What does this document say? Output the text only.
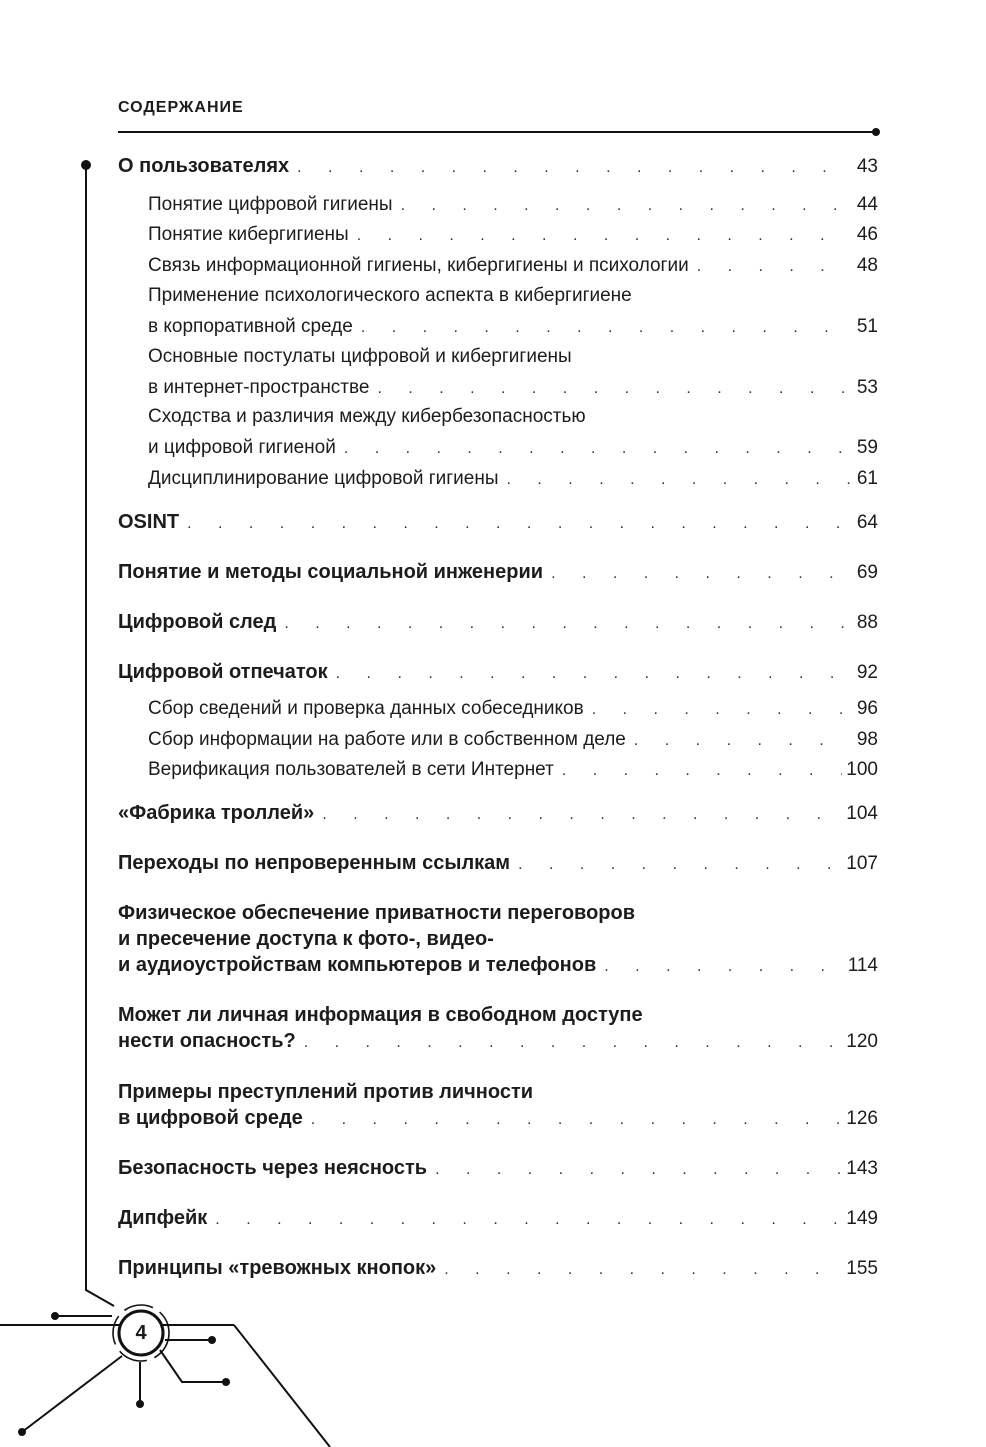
СОДЕРЖАНИЕ
4
О пользователях . . .	43
Понятие цифровой гигиены . . .	44
Понятие кибергигиены . . .	46
Связь информационной гигиены, кибергигиены и психологии . . .	48
Применение психологического аспекта в кибергигиене
в корпоративной среде . . .	51
Основные постулаты цифровой и кибергигиены
в интернет-пространстве . . .	53
Сходства и различия между кибербезопасностью
и цифровой гигиеной . . .	59
Дисциплинирование цифровой гигиены . . .	61
OSINT . . .	64
Понятие и методы социальной инженерии . . .	69
Цифровой след . . .	88
Цифровой отпечаток . . .	92
Сбор сведений и проверка данных собеседников . . .	96
Сбор информации на работе или в собственном деле . . .	98
Верификация пользователей в сети Интернет . . .	100
«Фабрика троллей» . . .	104
Переходы по непроверенным ссылкам . . .	107
Физическое обеспечение приватности переговоров
и пресечение доступа к фото-, видео-
и аудиоустройствам компьютеров и телефонов . . .	114
Может ли личная информация в свободном доступе
нести опасность? . . .	120
Примеры преступлений против личности
в цифровой среде . . .	126
Безопасность через неясность . . .	143
Дипфейк . . .	149
Принципы «тревожных кнопок» . . .	155
